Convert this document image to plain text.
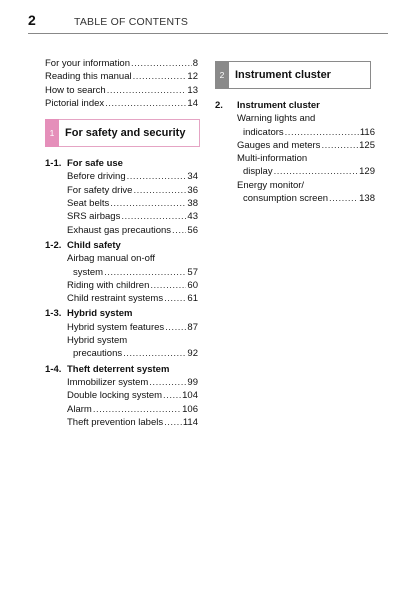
2	TABLE OF CONTENTS
For your information .....	8
Reading this manual .....	12
How to search .....	13
Pictorial index .....	14
1 For safety and security
1-1. For safe use
Before driving .....	34
For safety drive .....	36
Seat belts .....	38
SRS airbags .....	43
Exhaust gas precautions ..... 56
1-2. Child safety
Airbag manual on-off
system .....	57
Riding with children .....	60
Child restraint systems .....	61
1-3. Hybrid system
Hybrid system features ..... 87
Hybrid system
precautions .....	92
1-4. Theft deterrent system
Immobilizer system .....	99
Double locking system ..... 104
Alarm .....	106
Theft prevention labels ..... 114
2 Instrument cluster
2.	Instrument cluster
Warning lights and
indicators .....	116
Gauges and meters .....	125
Multi-information
display .....	129
Energy monitor/
consumption screen .....	138
